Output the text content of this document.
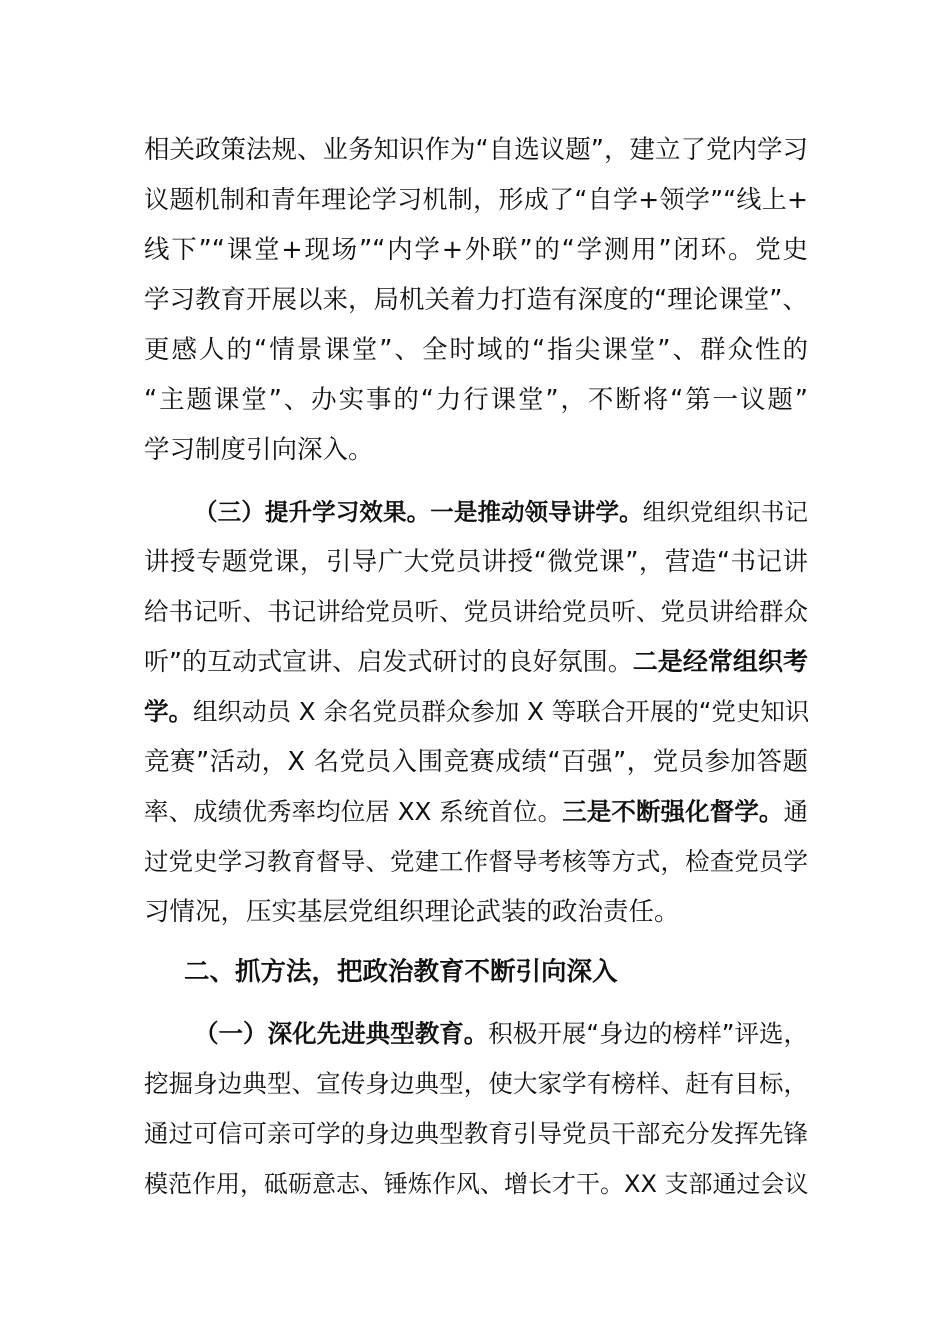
相关政策法规、业务知识作为“自选议题”，建立了党内学习
议题机制和青年理论学习机制，形成了“自学+领学”“线上+
线下”“课堂+现场”“内学+外联”的“学测用”闭环。党史
学习教育开展以来，局机关着力打造有深度的“理论课堂”、
更感人的“情景课堂”、全时域的“指尖课堂”、群众性的
“主题课堂”、办实事的“力行课堂”，不断将“第一议题”
学习制度引向深入。
（三）提升学习效果。一是推动领导讲学。组织党组织书记
讲授专题党课，引导广大党员讲授“微党课”，营造“书记讲
给书记听、书记讲给党员听、党员讲给党员听、党员讲给群众
听”的互动式宣讲、启发式研讨的良好氛围。二是经常组织考
学。组织动员 X 余名党员群众参加 X 等联合开展的“党史知识
竞赛”活动，X 名党员入围竞赛成绩“百强”，党员参加答题
率、成绩优秀率均位居 XX 系统首位。三是不断强化督学。通
过党史学习教育督导、党建工作督导考核等方式，检查党员学
习情况，压实基层党组织理论武装的政治责任。
二、抓方法，把政治教育不断引向深入
（一）深化先进典型教育。积极开展“身边的榜样”评选，
挖掘身边典型、宣传身边典型，使大家学有榜样、赶有目标，
通过可信可亲可学的身边典型教育引导党员干部充分发挥先锋
模范作用，砥砺意志、锤炼作风、增长才干。XX 支部通过会议
